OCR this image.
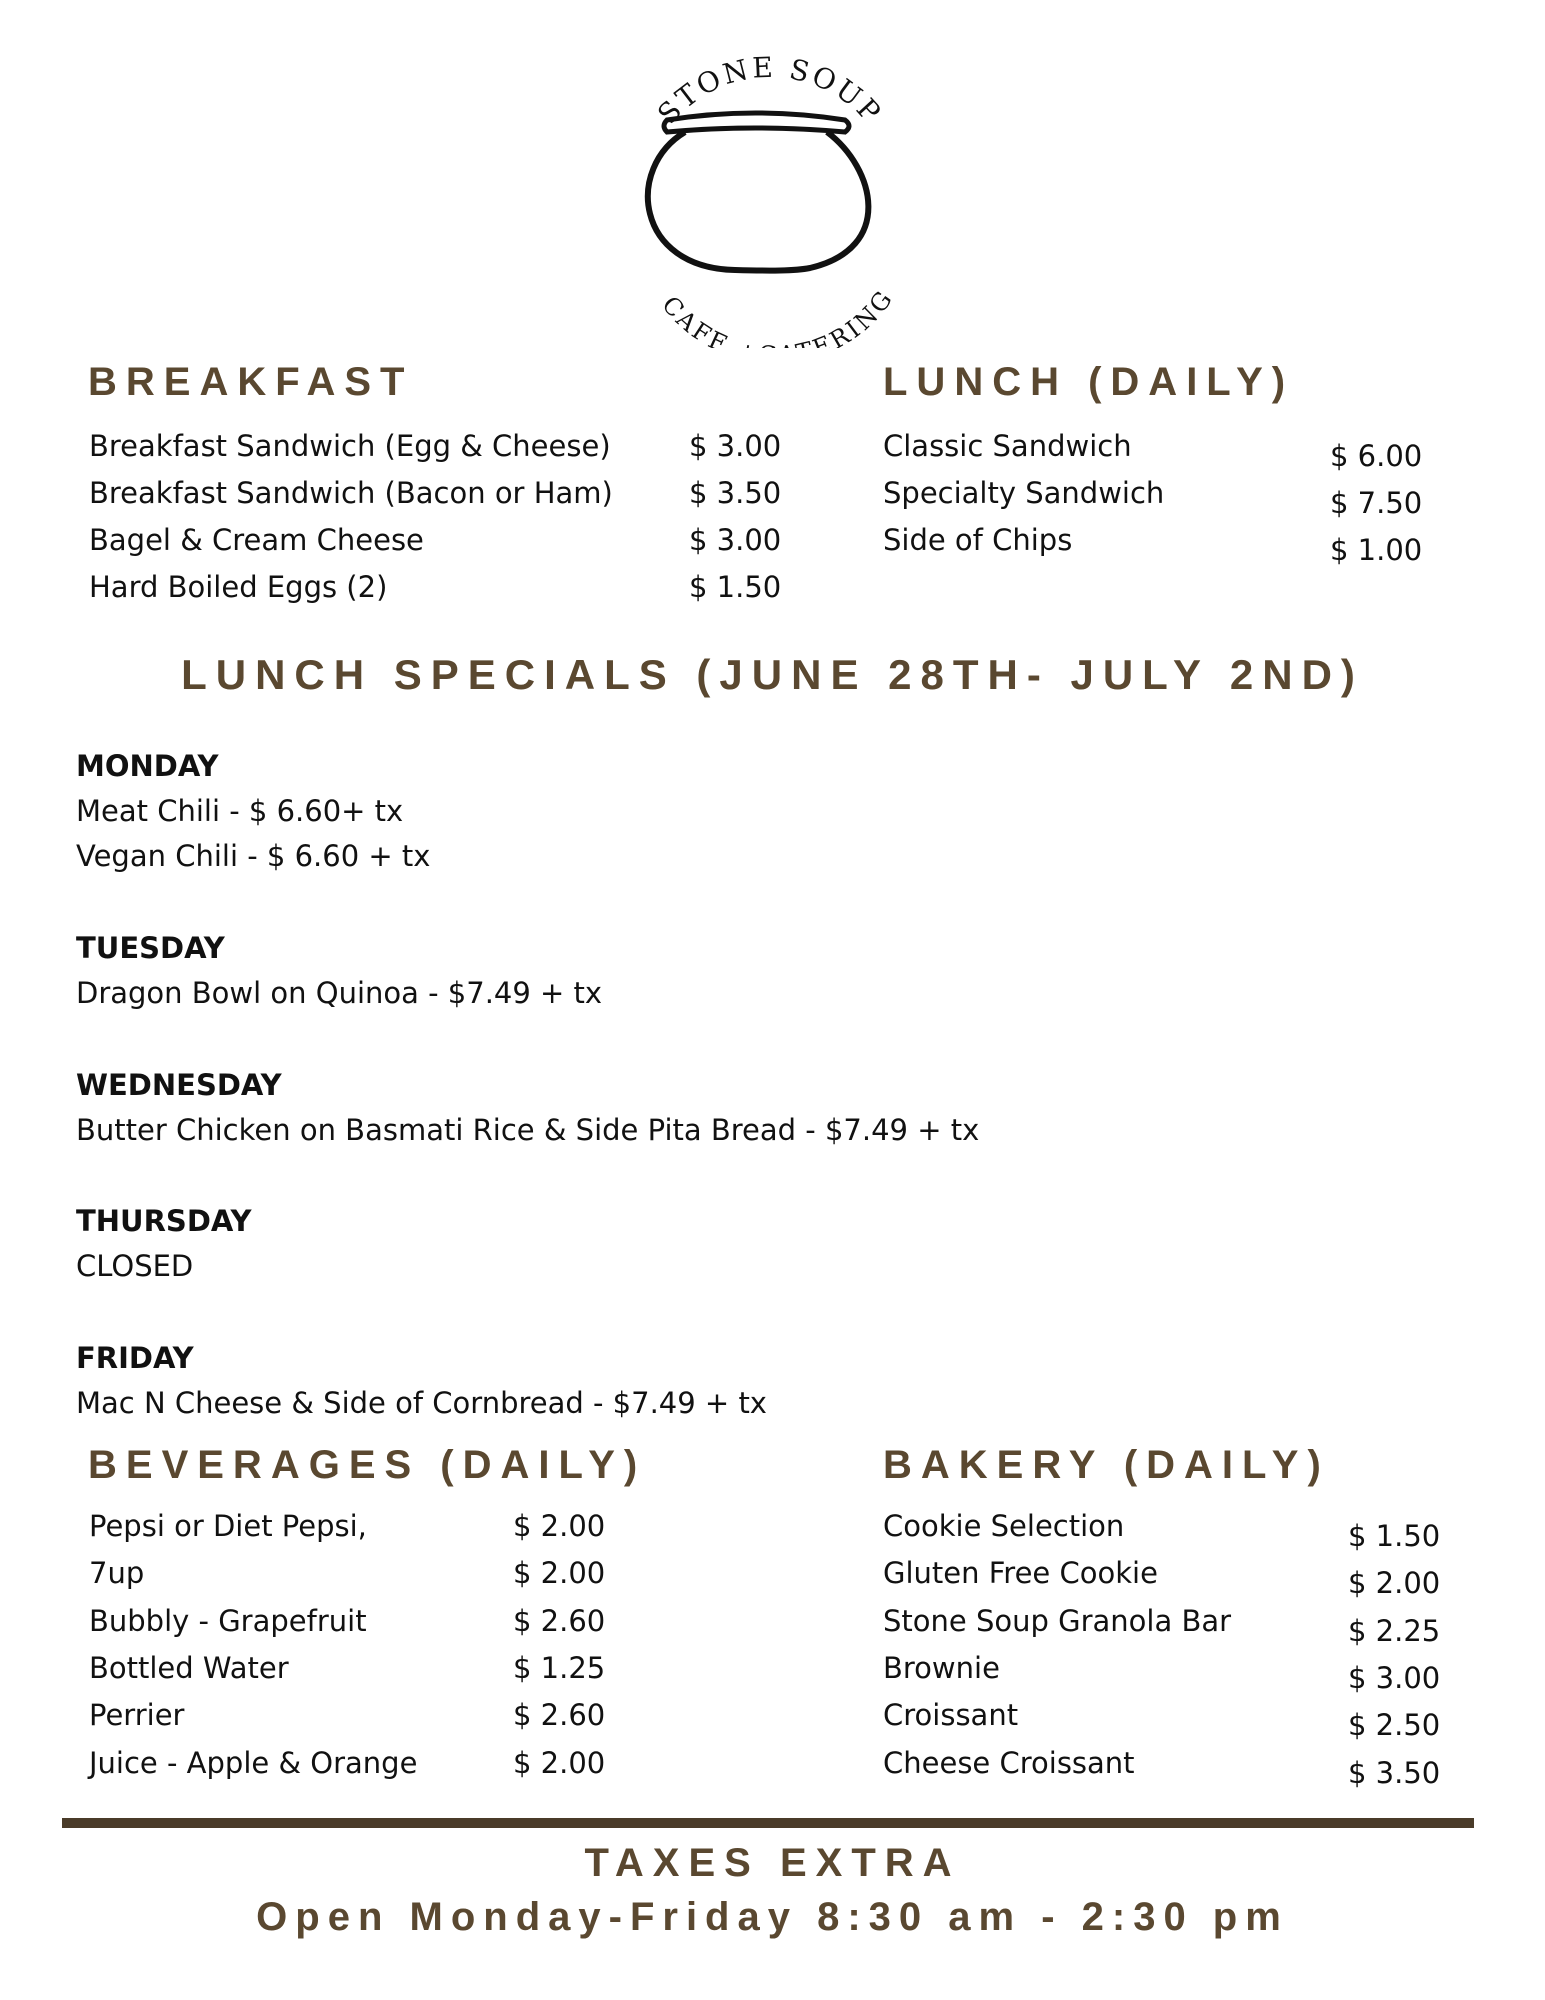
STONE SOUP
CAFE ERING
BREAKFAST
Breakfast Sandwich (Egg & Cheese)	$ 3.00
Breakfast Sandwich (Bacon or Ham)	$ 3.50
Bagel & Cream Cheese	$ 3.00
Hard Boiled Eggs (2)	$ 1.50
LUNCH (DAILY)
Classic Sandwich	$ 6.00
Specialty Sandwich	$ 7.50
Side of Chips	$ 1.00
LUNCH SPECIALS (JUNE 28TH- JULY 2ND)
MONDAY
Meat Chili - $ 6.60+ tx
Vegan Chili - $ 6.60 + tx
TUESDAY
Dragon Bowl on Quinoa - $7.49 + tx
WEDNESDAY
Butter Chicken on Basmati Rice & Side Pita Bread - $7.49 + tx
THURSDAY
CLOSED
FRIDAY
Mac N Cheese & Side of Cornbread - $7.49 + tx
BEVERAGES (DAILY)
Pepsi or Diet Pepsi,	$ 2.00
7up	$ 2.00
Bubbly - Grapefruit	$ 2.60
Bottled Water	$ 1.25
Perrier	$ 2.60
Juice - Apple & Orange	$ 2.00
BAKERY (DAILY)
Cookie Selection	$ 1.50
Gluten Free Cookie	$ 2.00
Stone Soup Granola Bar	$ 2.25
Brownie	$ 3.00
Croissant	$ 2.50
Cheese Croissant	$ 3.50
TAXES EXTRA
Open Monday-Friday 8:30 am - 2:30 pm
